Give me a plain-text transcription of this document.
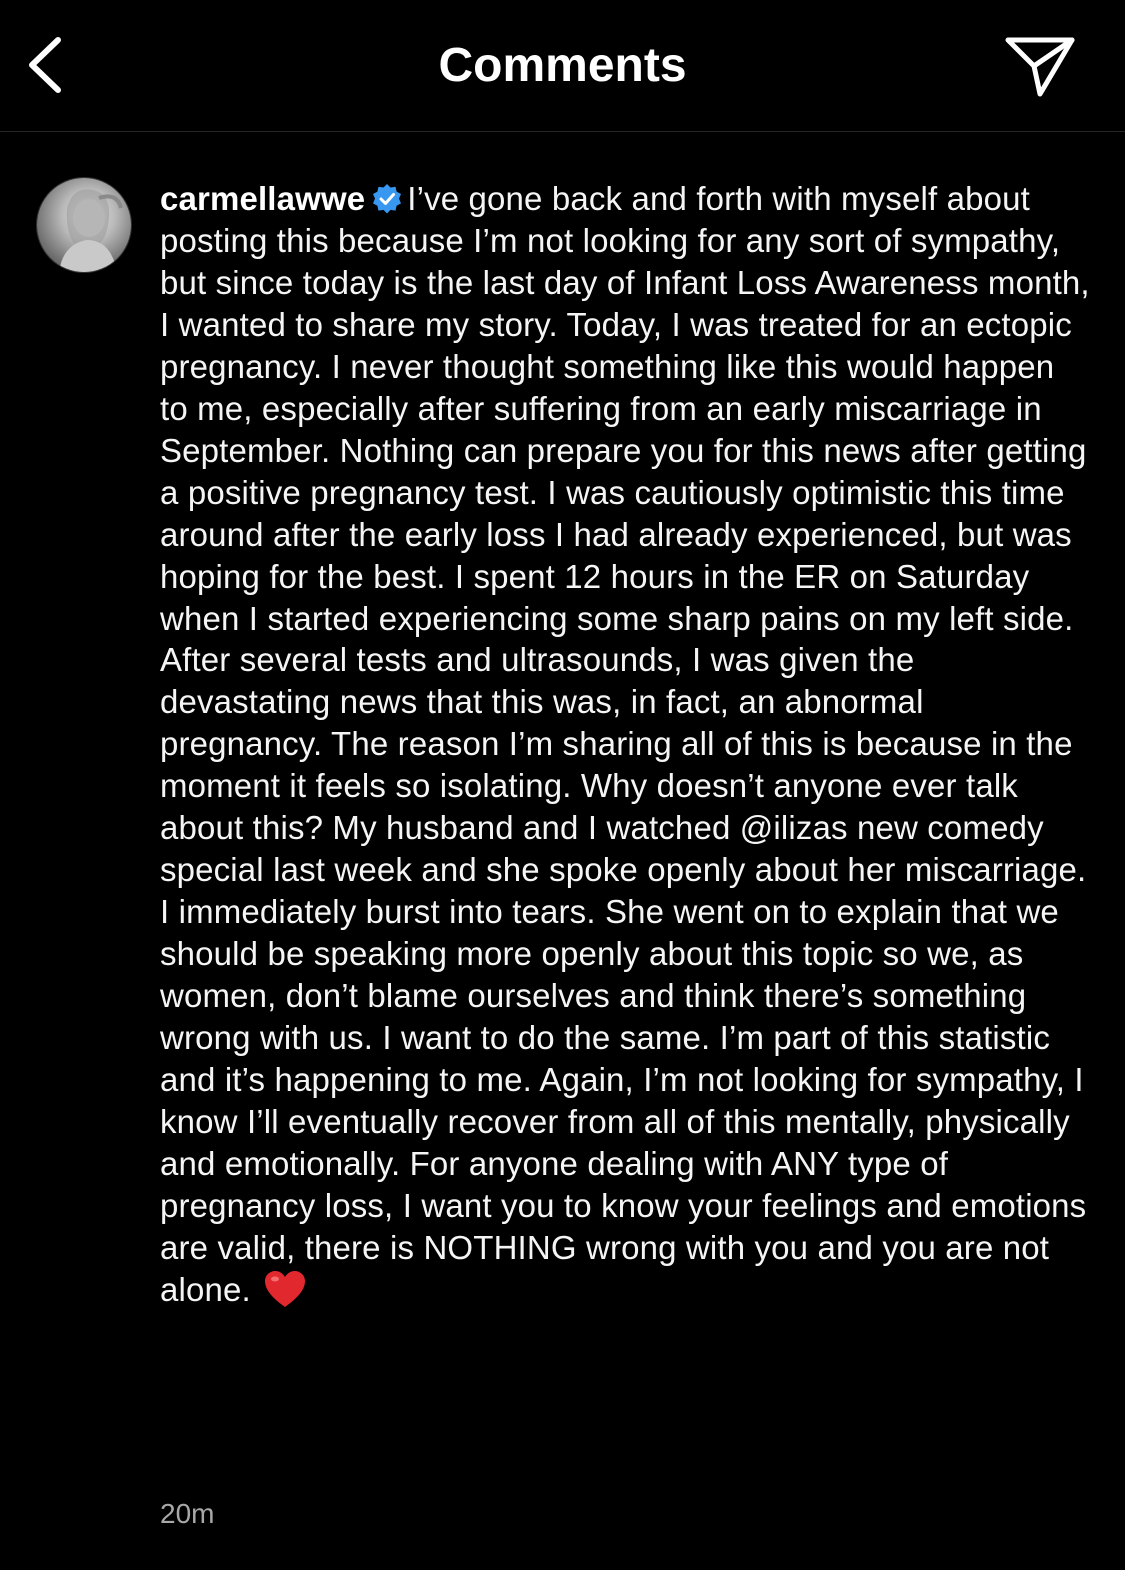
Comments
carmellawwe I’ve gone back and forth with myself about posting this because I’m not looking for any sort of sympathy, but since today is the last day of Infant Loss Awareness month, I wanted to share my story. Today, I was treated for an ectopic pregnancy. I never thought something like this would happen to me, especially after suffering from an early miscarriage in September. Nothing can prepare you for this news after getting a positive pregnancy test. I was cautiously optimistic this time around after the early loss I had already experienced, but was hoping for the best. I spent 12 hours in the ER on Saturday when I started experiencing some sharp pains on my left side. After several tests and ultrasounds, I was given the devastating news that this was, in fact, an abnormal pregnancy. The reason I’m sharing all of this is because in the moment it feels so isolating. Why doesn’t anyone ever talk about this? My husband and I watched @ilizas new comedy special last week and she spoke openly about her miscarriage. I immediately burst into tears. She went on to explain that we should be speaking more openly about this topic so we, as women, don’t blame ourselves and think there’s something wrong with us. I want to do the same. I’m part of this statistic and it’s happening to me. Again, I’m not looking for sympathy, I know I’ll eventually recover from all of this mentally, physically and emotionally. For anyone dealing with ANY type of pregnancy loss, I want you to know your feelings and emotions are valid, there is NOTHING wrong with you and you are not alone.
20m
